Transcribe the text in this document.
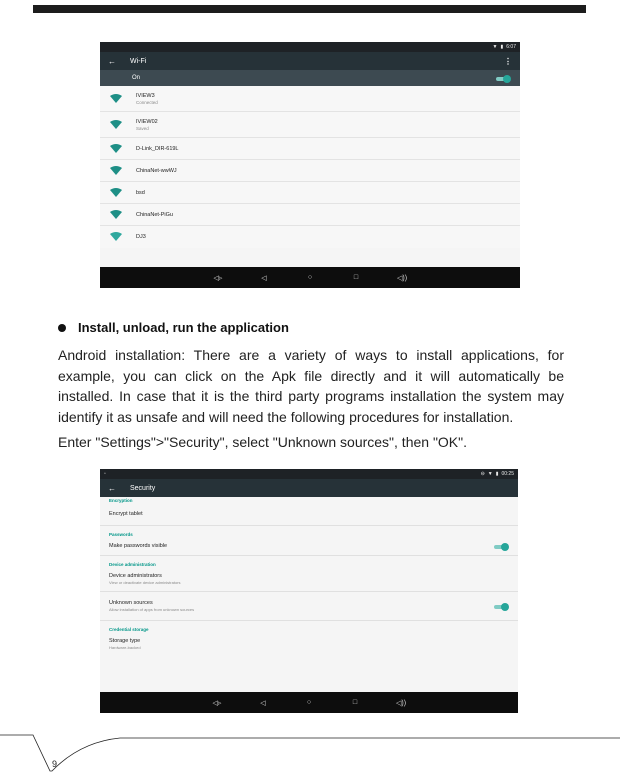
▼ ▮ 6:07
←	Wi-Fi	⋮
On
IVIEW3
Connected
IVIEW02
Saved
D-Link_DIR-619L
ChinaNet-wwWJ
bsd
ChinaNet-PiGu
DJ3
◁▹	◁	○	□	◁))
Install, unload, run the application

Android installation: There are a variety of ways to install applications, for example, you can click on the Apk file directly and it will automatically be installed. In case that it is the third party programs installation the system may identify it as unsafe and will need the following procedures for installation.

Enter "Settings">"Security", select "Unknown sources", then "OK".

▫	⊖ ▼ ▮ 00:25
←	Security
Encryption
Encrypt tablet
Passwords
Make passwords visible
Device administration
Device administrators
View or deactivate device administrators
Unknown sources
Allow installation of apps from unknown sources
Credential storage
Storage type
Hardware-backed
◁▹	◁	○	□	◁))
9
